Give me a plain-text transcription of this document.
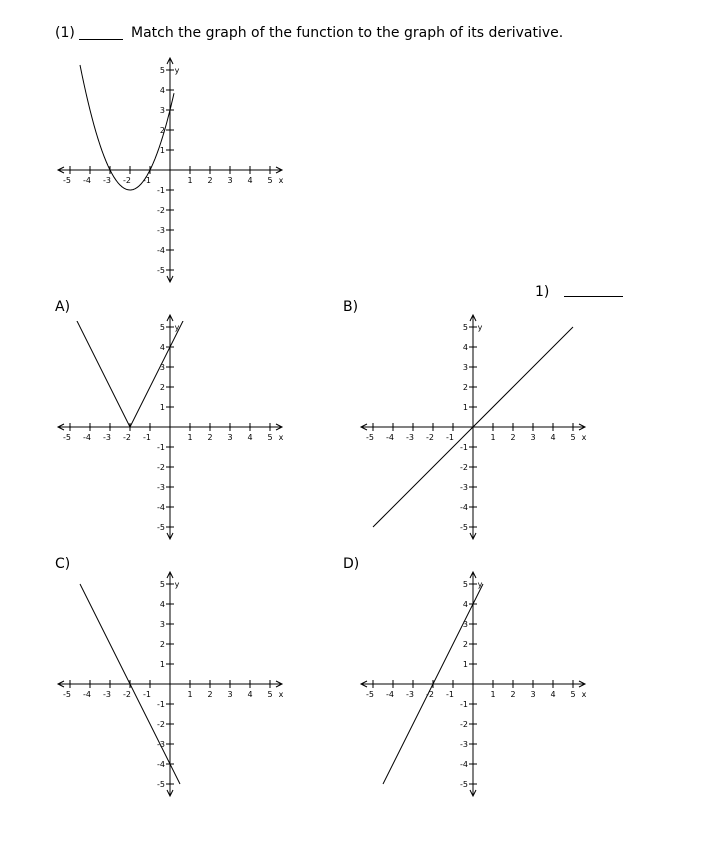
(1)	Match the graph of the function to the graph of its derivative.
-5 -4 -3 -2 -1	1 2 3 4 5 x
5
4
3
2
1
-1
-2
-3
-4
-5
y
1)
A)
-5 -4 -3 -2 -1	1 2 3 4 5 x
5
4
3
2
1
-1
-2
-3
-4
-5
y
B)
-5 -4 -3 -2 -1	1 2 3 4 5 x
5
4
3
2
1
-1
-2
-3
-4
-5
y
C)
-5 -4 -3 -2 -1	1 2 3 4 5 x
5
4
3
2
1
-1
-2
-3
-4
-5
y
D)
-5 -4 -3 -2 -1	1 2 3 4 5 x
5
4
3
2
1
-1
-2
-3
-4
-5
y
